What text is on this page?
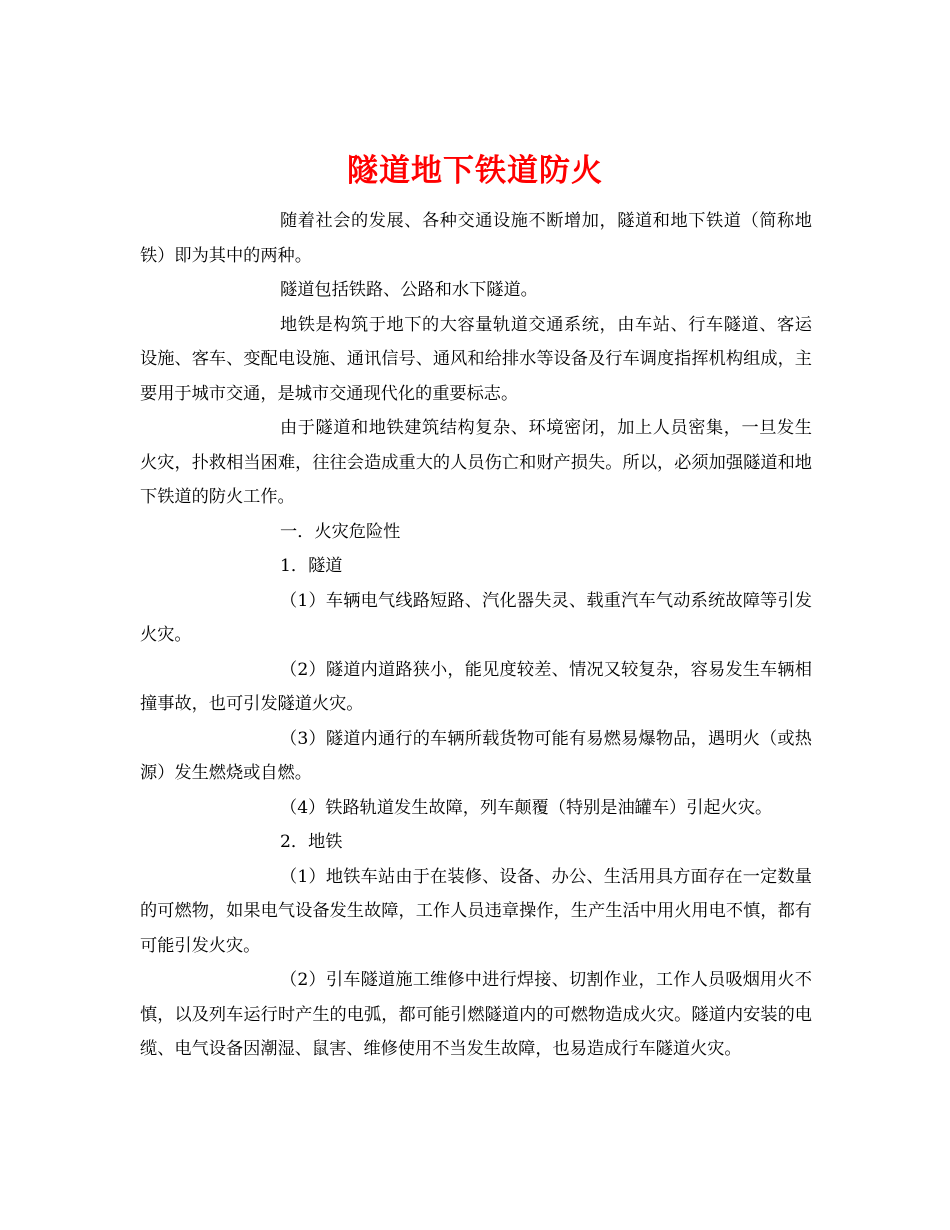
隧道地下铁道防火

随着社会的发展、各种交通设施不断增加，隧道和地下铁道（简称地铁）即为其中的两种。

隧道包括铁路、公路和水下隧道。

地铁是构筑于地下的大容量轨道交通系统，由车站、行车隧道、客运设施、客车、变配电设施、通讯信号、通风和给排水等设备及行车调度指挥机构组成，主要用于城市交通，是城市交通现代化的重要标志。

由于隧道和地铁建筑结构复杂、环境密闭，加上人员密集，一旦发生火灾，扑救相当困难，往往会造成重大的人员伤亡和财产损失。所以，必须加强隧道和地下铁道的防火工作。

一．火灾危险性

1．隧道

（1）车辆电气线路短路、汽化器失灵、载重汽车气动系统故障等引发火灾。

（2）隧道内道路狭小，能见度较差、情况又较复杂，容易发生车辆相撞事故，也可引发隧道火灾。

（3）隧道内通行的车辆所载货物可能有易燃易爆物品，遇明火（或热源）发生燃烧或自燃。

（4）铁路轨道发生故障，列车颠覆（特别是油罐车）引起火灾。

2．地铁

（1）地铁车站由于在装修、设备、办公、生活用具方面存在一定数量的可燃物，如果电气设备发生故障，工作人员违章操作，生产生活中用火用电不慎，都有可能引发火灾。

（2）引车隧道施工维修中进行焊接、切割作业，工作人员吸烟用火不慎，以及列车运行时产生的电弧，都可能引燃隧道内的可燃物造成火灾。隧道内安装的电缆、电气设备因潮湿、鼠害、维修使用不当发生故障，也易造成行车隧道火灾。
